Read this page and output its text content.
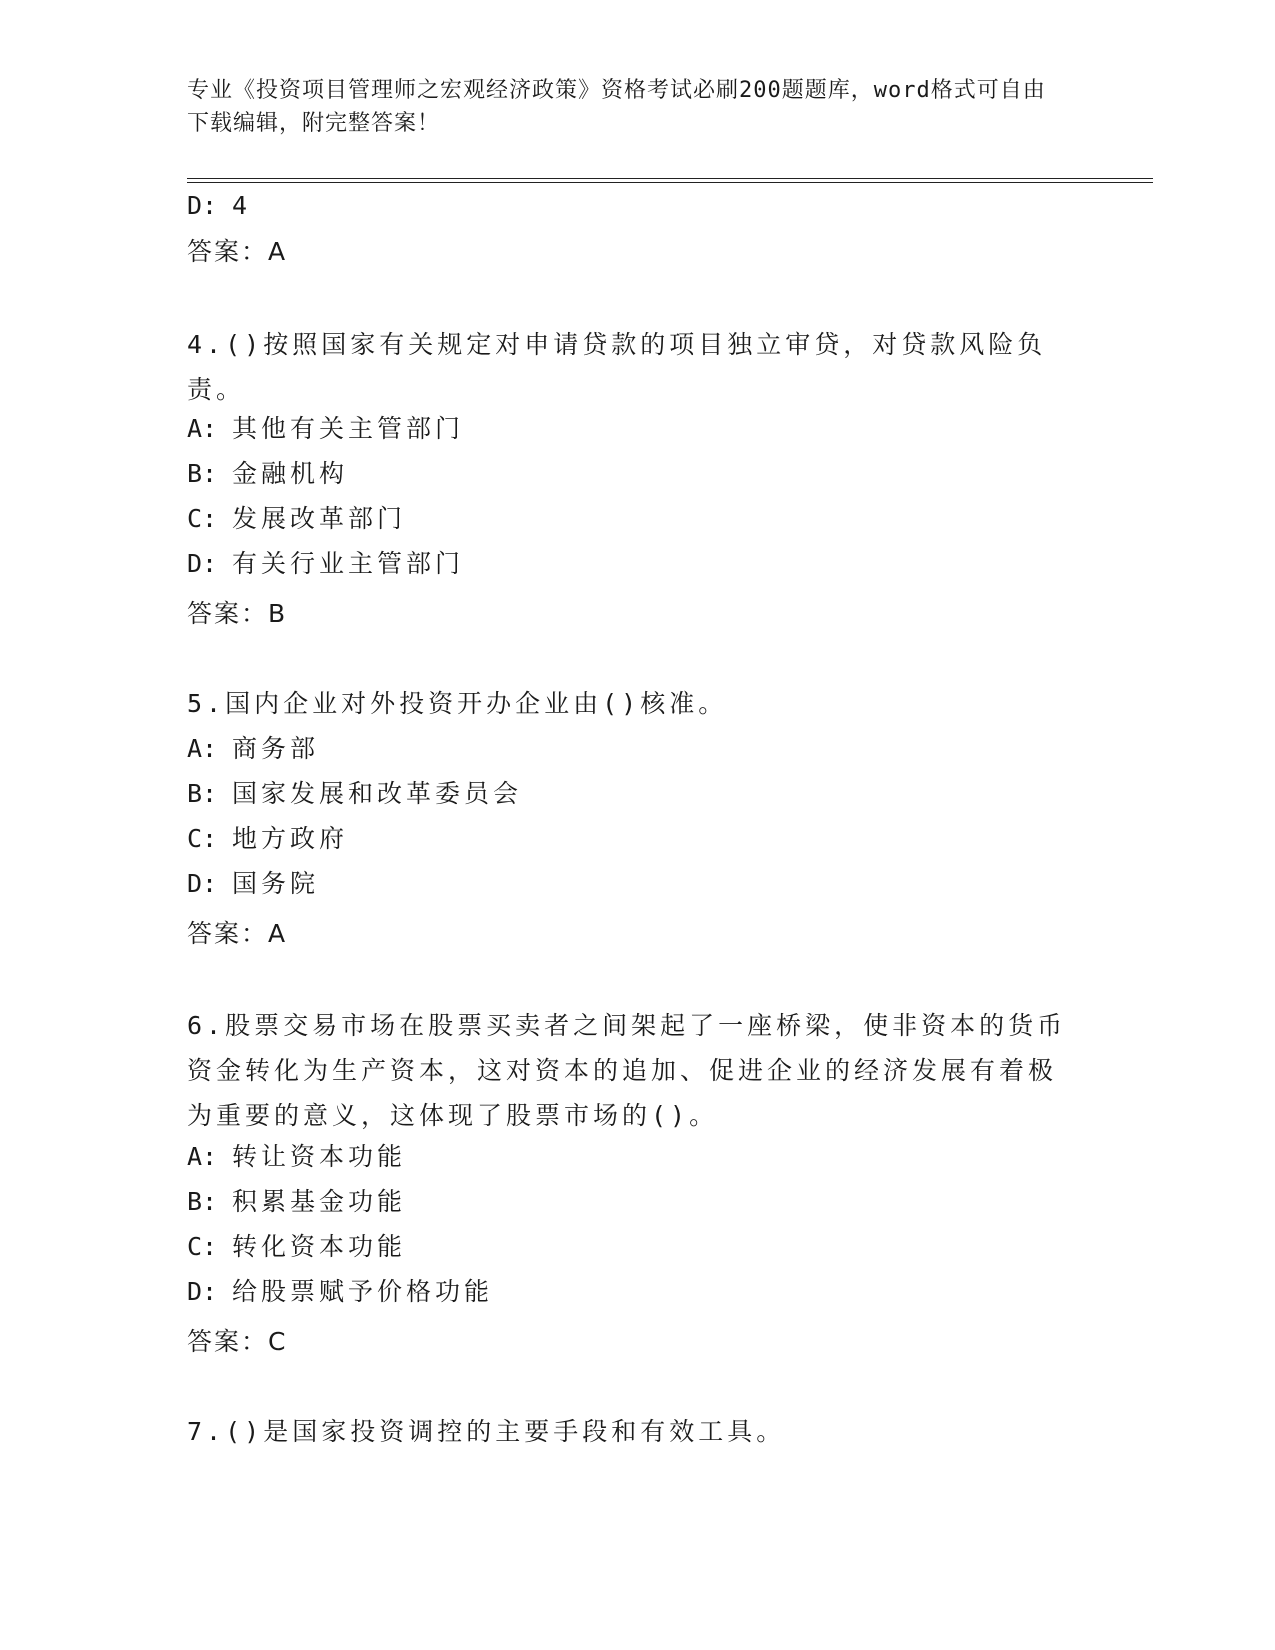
专业《投资项目管理师之宏观经济政策》资格考试必刷200题题库，word格式可自由下载编辑，附完整答案！
D: 4
答案：A
4.()按照国家有关规定对申请贷款的项目独立审贷，对贷款风险负责。
A: 其他有关主管部门
B: 金融机构
C: 发展改革部门
D: 有关行业主管部门
答案：B
5.国内企业对外投资开办企业由()核准。
A: 商务部
B: 国家发展和改革委员会
C: 地方政府
D: 国务院
答案：A
6.股票交易市场在股票买卖者之间架起了一座桥梁，使非资本的货币资金转化为生产资本，这对资本的追加、促进企业的经济发展有着极为重要的意义，这体现了股票市场的()。
A: 转让资本功能
B: 积累基金功能
C: 转化资本功能
D: 给股票赋予价格功能
答案：C
7.()是国家投资调控的主要手段和有效工具。
